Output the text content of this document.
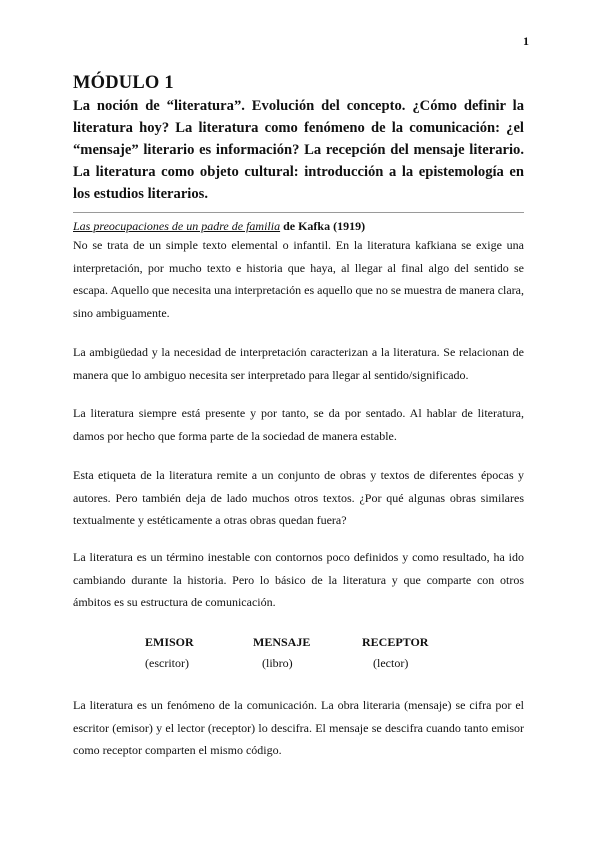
1
MÓDULO 1
La noción de “literatura”. Evolución del concepto. ¿Cómo definir la literatura hoy? La literatura como fenómeno de la comunicación: ¿el “mensaje” literario es información? La recepción del mensaje literario. La literatura como objeto cultural: introducción a la epistemología en los estudios literarios.
Las preocupaciones de un padre de familia de Kafka (1919)

No se trata de un simple texto elemental o infantil. En la literatura kafkiana se exige una interpretación, por mucho texto e historia que haya, al llegar al final algo del sentido se escapa. Aquello que necesita una interpretación es aquello que no se muestra de manera clara, sino ambiguamente.

La ambigüedad y la necesidad de interpretación caracterizan a la literatura. Se relacionan de manera que lo ambiguo necesita ser interpretado para llegar al sentido/significado.

La literatura siempre está presente y por tanto, se da por sentado. Al hablar de literatura, damos por hecho que forma parte de la sociedad de manera estable.

Esta etiqueta de la literatura remite a un conjunto de obras y textos de diferentes épocas y autores. Pero también deja de lado muchos otros textos. ¿Por qué algunas obras similares textualmente y estéticamente a otras obras quedan fuera?

La literatura es un término inestable con contornos poco definidos y como resultado, ha ido cambiando durante la historia. Pero lo básico de la literatura y que comparte con otros ámbitos es su estructura de comunicación.

EMISOR	MENSAJE	RECEPTOR
(escritor)	(libro)	(lector)

La literatura es un fenómeno de la comunicación. La obra literaria (mensaje) se cifra por el escritor (emisor) y el lector (receptor) lo descifra. El mensaje se descifra cuando tanto emisor como receptor comparten el mismo código.
